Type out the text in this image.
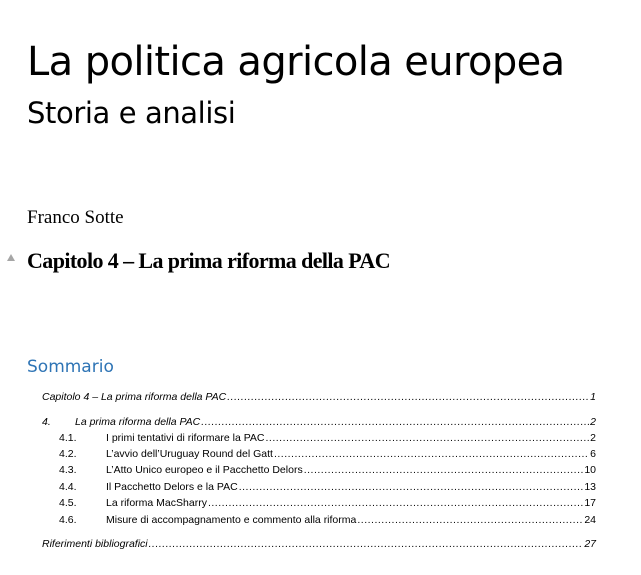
La politica agricola europea
Storia e analisi
Franco Sotte
Capitolo 4 – La prima riforma della PAC
Sommario
Capitolo 4 – La prima riforma della PAC .....	1
4.	La prima riforma della PAC .....	2
4.1.	I primi tentativi di riformare la PAC .....	2
4.2.	L’avvio dell’Uruguay Round del Gatt .....	6
4.3.	L’Atto Unico europeo e il Pacchetto Delors .....	10
4.4.	Il Pacchetto Delors e la PAC .....	13
4.5.	La riforma MacSharry .....	17
4.6.	Misure di accompagnamento e commento alla riforma .....	24
Riferimenti bibliografici .....	27
